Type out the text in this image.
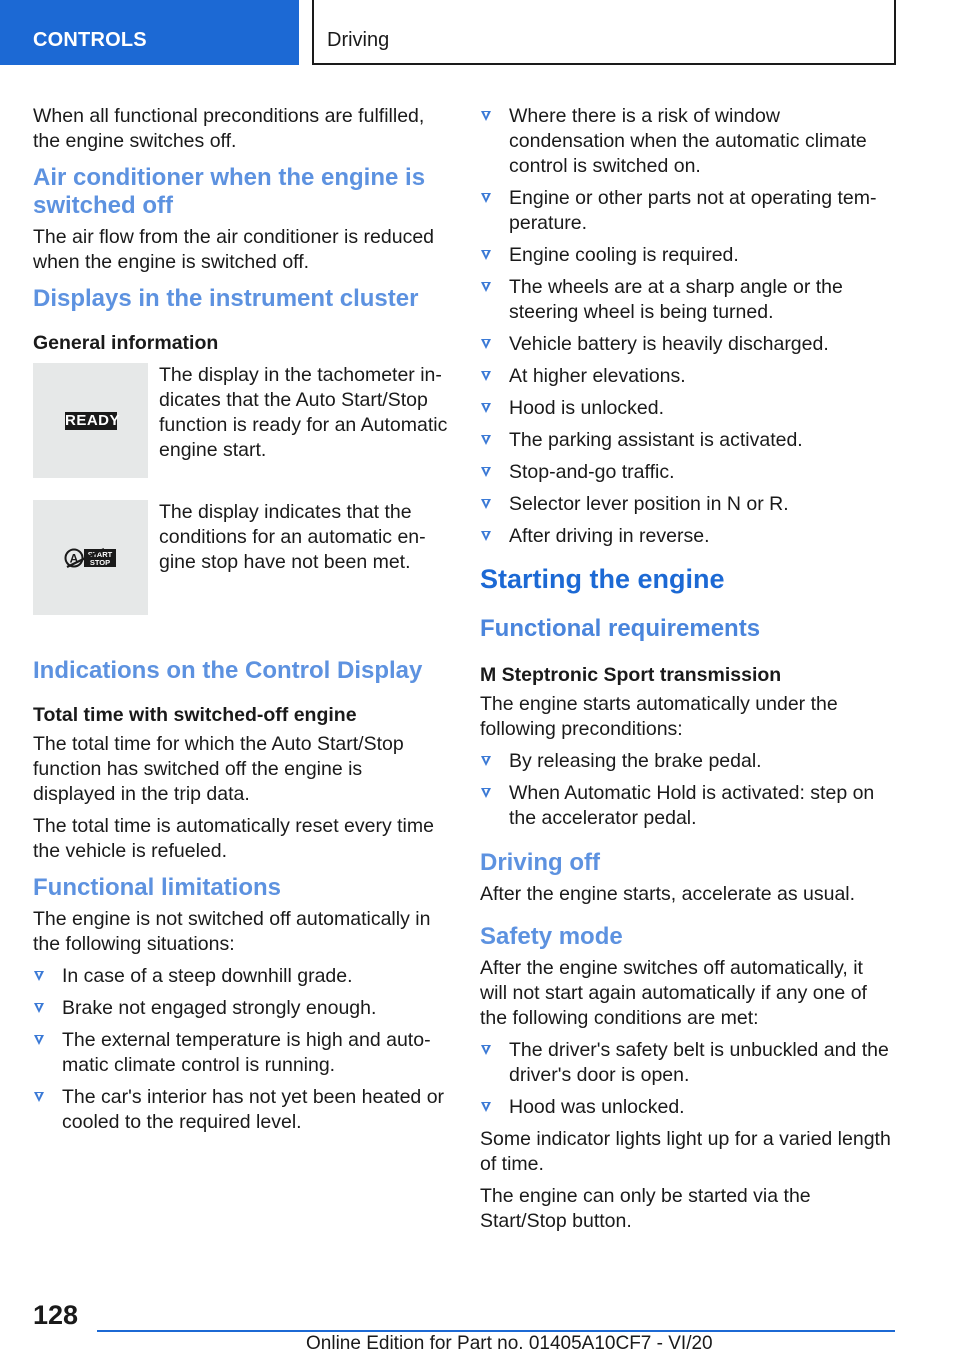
CONTROLS	Driving

When all functional preconditions are fulfilled, the engine switches off.

Air conditioner when the engine is switched off

The air flow from the air conditioner is reduced when the engine is switched off.

Displays in the instrument cluster
General information
READY
The display in the tachometer indicates that the Auto Start/Stop function is ready for an Automatic engine start.
A START
STOP
The display indicates that the conditions for an automatic engine stop have not been met.
Indications on the Control Display
Total time with switched-off engine

The total time for which the Auto Start/Stop function has switched off the engine is displayed in the trip data.

The total time is automatically reset every time the vehicle is refueled.

Functional limitations

The engine is not switched off automatically in the following situations:

In case of a steep downhill grade.
Brake not engaged strongly enough.
The external temperature is high and automatic climate control is running.
The car's interior has not yet been heated or cooled to the required level.
Where there is a risk of window condensation when the automatic climate control is switched on.
Engine or other parts not at operating temperature.
Engine cooling is required.
The wheels are at a sharp angle or the steering wheel is being turned.
Vehicle battery is heavily discharged.
At higher elevations.
Hood is unlocked.
The parking assistant is activated.
Stop-and-go traffic.
Selector lever position in N or R.
After driving in reverse.
Starting the engine
Functional requirements
M Steptronic Sport transmission

The engine starts automatically under the following preconditions:

By releasing the brake pedal.
When Automatic Hold is activated: step on the accelerator pedal.
Driving off

After the engine starts, accelerate as usual.

Safety mode

After the engine switches off automatically, it will not start again automatically if any one of the following conditions are met:

The driver's safety belt is unbuckled and the driver's door is open.
Hood was unlocked.

Some indicator lights light up for a varied length of time.

The engine can only be started via the Start/Stop button.

128
Online Edition for Part no. 01405A10CF7 - VI/20
